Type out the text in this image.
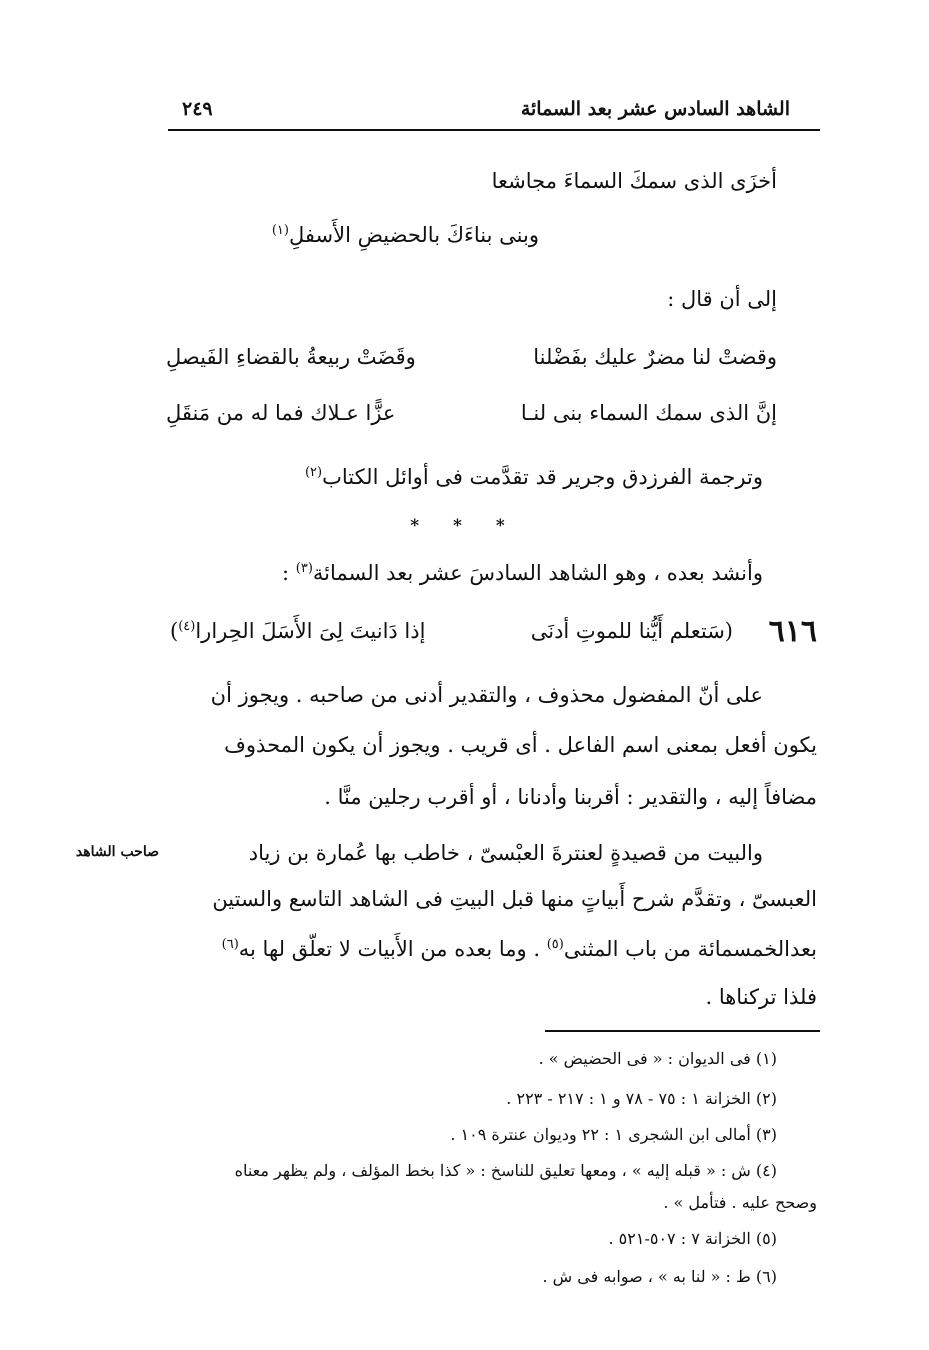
الشاهد السادس عشر بعد السمائة
٢٤٩
أخزَى الذى سمكَ السماءَ مجاشعا
وبنى بناءَكَ بالحضيضِ الأَسفلِ$^{(١)}$
إلى أن قال :
وقضتْ لنا مضرٌ عليك بفَضْلنا
وقَضَتْ ربيعةُ بالقضاءِ الفَيصلِ
إنَّ الذى سمك السماء بنى لنـا
عزًّا عـلاك فما له من مَنقَلِ
وترجمة الفرزدق وجرير قد تقدَّمت فى أوائل الكتاب$^{(٢)}$
* * *
وأنشد بعده ، وهو الشاهد السادسَ عشر بعد السمائة$^{(٣)}$ :
٦١٦
(سَتعلم أَيُّنا للموتِ أدنَى
إذا دَانيتَ لِىَ الأَسَلَ الحِرارا$^{(٤)}$)
على أنّ المفضول محذوف ، والتقدير أدنى من صاحبه . ويجوز أن
يكون أفعل بمعنى اسم الفاعل . أى قريب . ويجوز أن يكون المحذوف
مضافاً إليه ، والتقدير : أقربنا وأدنانا ، أو أقرب رجلين منَّا .
صاحب الشاهد	والبيت من قصيدةٍ لعنترةَ العبْسىّ ، خاطب بها عُمارة بن زياد
العبسىّ ، وتقدَّم شرح أَبياتٍ منها قبل البيتِ فى الشاهد التاسع والستين
بعدالخمسمائة من باب المثنى$^{(٥)}$ . وما بعده من الأَبيات لا تعلّق لها به$^{(٦)}$
فلذا تركناها .
(١) فى الديوان : « فى الحضيض » .
(٢) الخزانة ١ : ٧٥ - ٧٨ و ١ : ٢١٧ - ٢٢٣ .
(٣) أمالى ابن الشجرى ١ : ٢٢ وديوان عنترة ١٠٩ .
(٤) ش : « قبله إليه » ، ومعها تعليق للناسخ : « كذا بخط المؤلف ، ولم يظهر معناه
وصحح عليه . فتأمل » .
(٥) الخزانة ٧ : ٥٠٧-٥٢١ .
(٦) ط : « لنا به » ، صوابه فى ش .
